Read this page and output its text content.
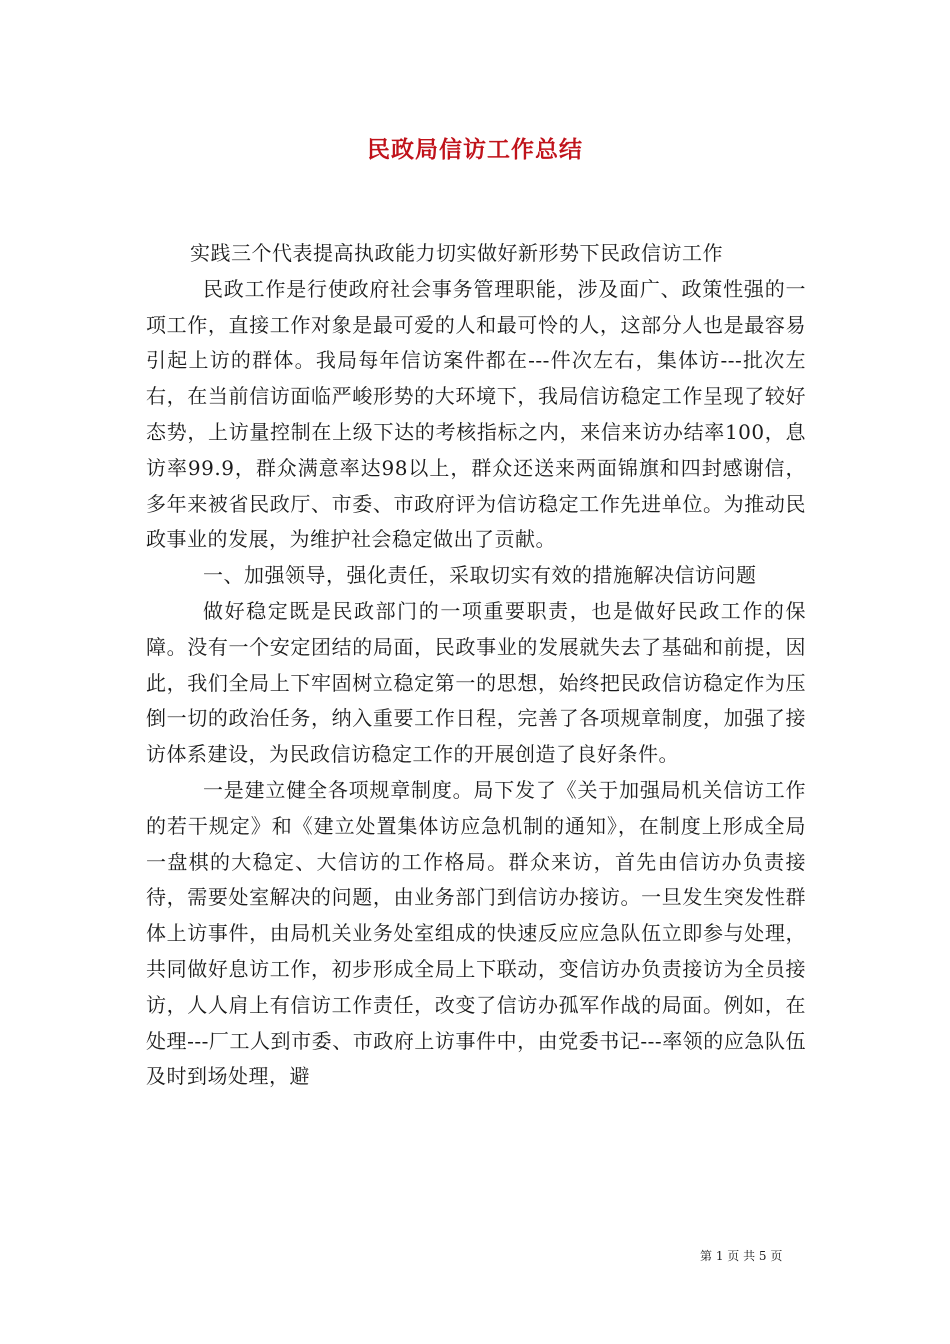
民政局信访工作总结

实践三个代表提高执政能力切实做好新形势下民政信访工作

民政工作是行使政府社会事务管理职能，涉及面广、政策性强的一项工作，直接工作对象是最可爱的人和最可怜的人，这部分人也是最容易引起上访的群体。我局每年信访案件都在---件次左右，集体访---批次左右，在当前信访面临严峻形势的大环境下，我局信访稳定工作呈现了较好态势，上访量控制在上级下达的考核指标之内，来信来访办结率100，息访率99.9，群众满意率达98以上，群众还送来两面锦旗和四封感谢信，多年来被省民政厅、市委、市政府评为信访稳定工作先进单位。为推动民政事业的发展，为维护社会稳定做出了贡献。

一、加强领导，强化责任，采取切实有效的措施解决信访问题

做好稳定既是民政部门的一项重要职责，也是做好民政工作的保障。没有一个安定团结的局面，民政事业的发展就失去了基础和前提，因此，我们全局上下牢固树立稳定第一的思想，始终把民政信访稳定作为压倒一切的政治任务，纳入重要工作日程，完善了各项规章制度，加强了接访体系建设，为民政信访稳定工作的开展创造了良好条件。

一是建立健全各项规章制度。局下发了《关于加强局机关信访工作的若干规定》和《建立处置集体访应急机制的通知》，在制度上形成全局一盘棋的大稳定、大信访的工作格局。群众来访，首先由信访办负责接待，需要处室解决的问题，由业务部门到信访办接访。一旦发生突发性群体上访事件，由局机关业务处室组成的快速反应应急队伍立即参与处理，共同做好息访工作，初步形成全局上下联动，变信访办负责接访为全员接访，人人肩上有信访工作责任，改变了信访办孤军作战的局面。例如，在处理---厂工人到市委、市政府上访事件中，由党委书记---率领的应急队伍及时到场处理，避

第 1 页 共 5 页
